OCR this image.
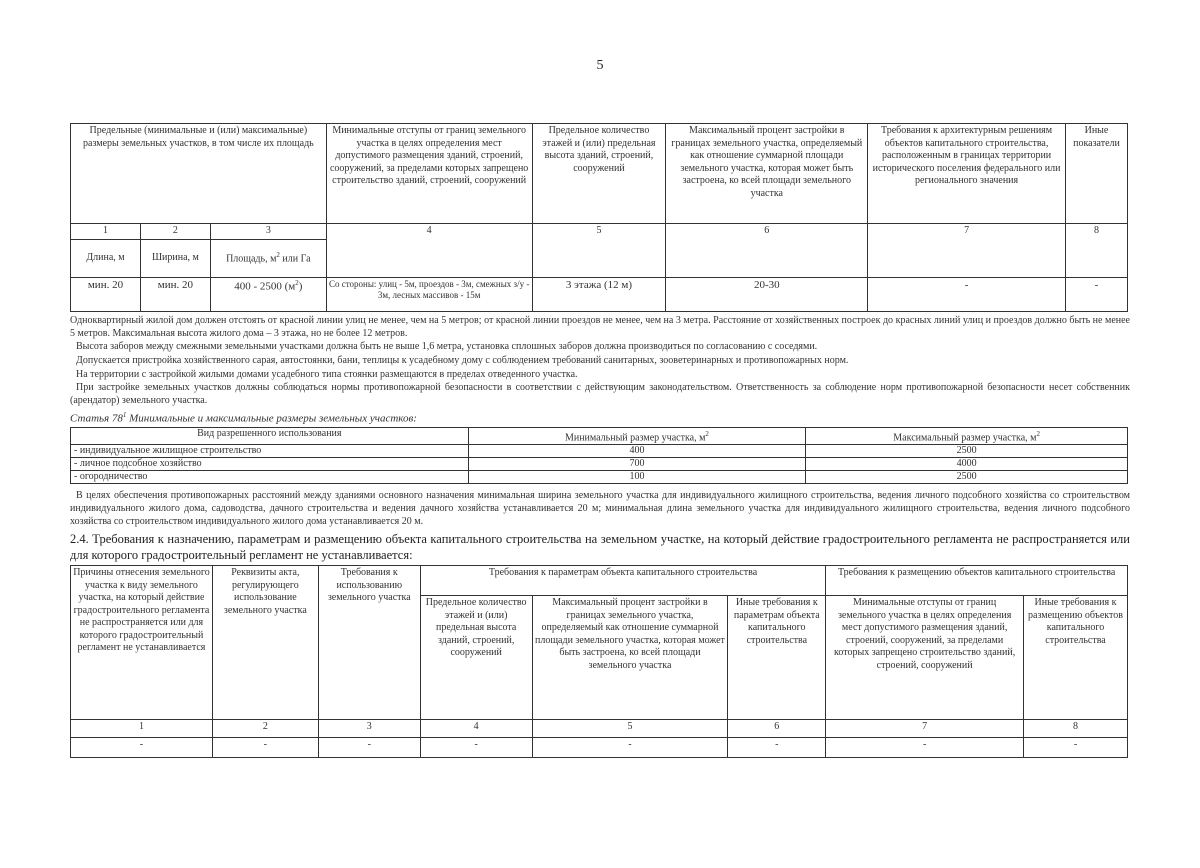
5
Предельные (минимальные и (или) максимальные) размеры земельных участков, в том числе их площадь			Минимальные отступы от границ земельного участка в целях определения мест допустимого размещения зданий, строений, сооружений, за пределами которых запрещено строительство зданий, строений, сооружений	Предельное количество этажей и (или) предельная высота зданий, строений, сооружений	Максимальный процент застройки в границах земельного участка, определяемый как отношение суммарной площади земельного участка, которая может быть застроена, ко всей площади земельного участка	Требования к архитектурным решениям объектов капитального строительства, расположенным в границах территории исторического поселения федерального или регионального значения	Иные показатели
1	2	3	4	5	6	7	8
Длина, м	Ширина, м	Площадь, $м^2$ или Га					
мин. 20	мин. 20	400 - 2500 $(м^2)$	Со стороны: улиц - 5м, проездов - 3м, смежных з/у - 3м, лесных массивов - 15м	3 этажа (12 м)	20-30	-	-

Одноквартирный жилой дом должен отстоять от красной линии улиц не менее, чем на 5 метров; от красной линии проездов не менее, чем на 3 метра. Расстояние от хозяйственных построек до красных линий улиц и проездов должно быть не менее 5 метров. Максимальная высота жилого дома – 3 этажа, но не более 12 метров.

Высота заборов между смежными земельными участками должна быть не выше 1,6 метра, установка сплошных заборов должна производиться по согласованию с соседями.

Допускается пристройка хозяйственного сарая, автостоянки, бани, теплицы к усадебному дому с соблюдением требований санитарных, зооветеринарных и противопожарных норм.

На территории с застройкой жилыми домами усадебного типа стоянки размещаются в пределах отведенного участка.

При застройке земельных участков должны соблюдаться нормы противопожарной безопасности в соответствии с действующим законодательством. Ответственность за соблюдение норм противопожарной безопасности несет собственник (арендатор) земельного участка.

Статья $78^1$ Минимальные и максимальные размеры земельных участков:

Вид разрешенного использования	Минимальный размер участка, $м^2$	Максимальный размер участка, $м^2$
- индивидуальное жилищное строительство	400	2500
- личное подсобное хозяйство	700	4000
- огородничество	100	2500

В целях обеспечения противопожарных расстояний между зданиями основного назначения минимальная ширина земельного участка для индивидуального жилищного строительства, ведения личного подсобного хозяйства со строительством индивидуального жилого дома, садоводства, дачного строительства и ведения дачного хозяйства устанавливается 20 м; минимальная длина земельного участка для индивидуального жилищного строительства, ведения личного подсобного хозяйства со строительством индивидуального жилого дома устанавливается 20 м.

2.4. Требования к назначению, параметрам и размещению объекта капитального строительства на земельном участке, на который действие градостроительного регламента не распространяется или для которого градостроительный регламент не устанавливается:

Причины отнесения земельного участка к виду земельного участка, на который действие градостроительного регламента не распространяется или для которого градостроительный регламент не устанавливается	Реквизиты акта, регулирующего использование земельного участка	Требования к использованию земельного участка	Требования к параметрам объекта капитального строительства			Требования к размещению объектов капитального строительства	
			Предельное количество этажей и (или) предельная высота зданий, строений, сооружений	Максимальный процент застройки в границах земельного участка, определяемый как отношение суммарной площади земельного участка, которая может быть застроена, ко всей площади земельного участка	Иные требования к параметрам объекта капитального строительства	Минимальные отступы от границ земельного участка в целях определения мест допустимого размещения зданий, строений, сооружений, за пределами которых запрещено строительство зданий, строений, сооружений	Иные требования к размещению объектов капитального строительства
1	2	3	4	5	6	7	8
-	-	-	-	-	-	-	-
